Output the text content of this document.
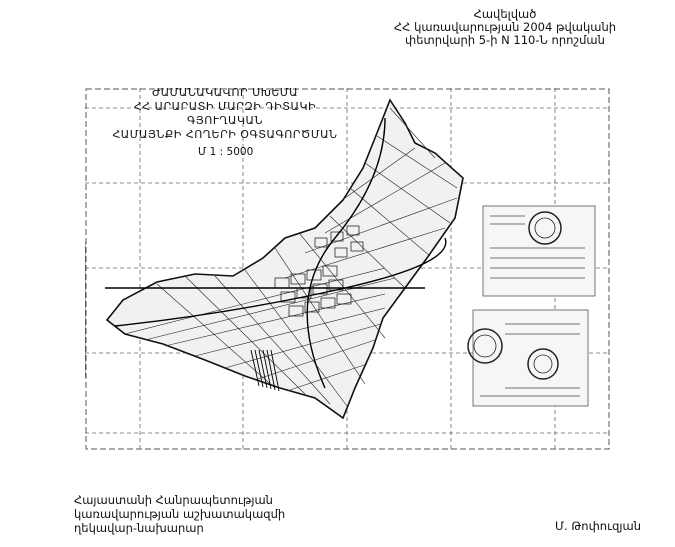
Հավելված
ՀՀ կառավարության 2004 թվականի
փետրվարի 5-ի N 110-Ն որոշման
ԺԱՄԱՆԱԿԱՎՈՐ ՍԽԵՄԱ
ՀՀ ԱՐԱՐԱՏԻ ՄԱՐԶԻ ԴԻՏԱԿԻ ԳՅՈՒՂԱԿԱՆ
ՀԱՄԱՅՆՔԻ ՀՈՂԵՐԻ ՕԳՏԱԳՈՐԾՄԱՆ
Մ 1 : 5000
Հայաստանի Հանրապետության
կառավարության աշխատակազմի
ղեկավար-նախարար	Մ. Թոփուզյան
